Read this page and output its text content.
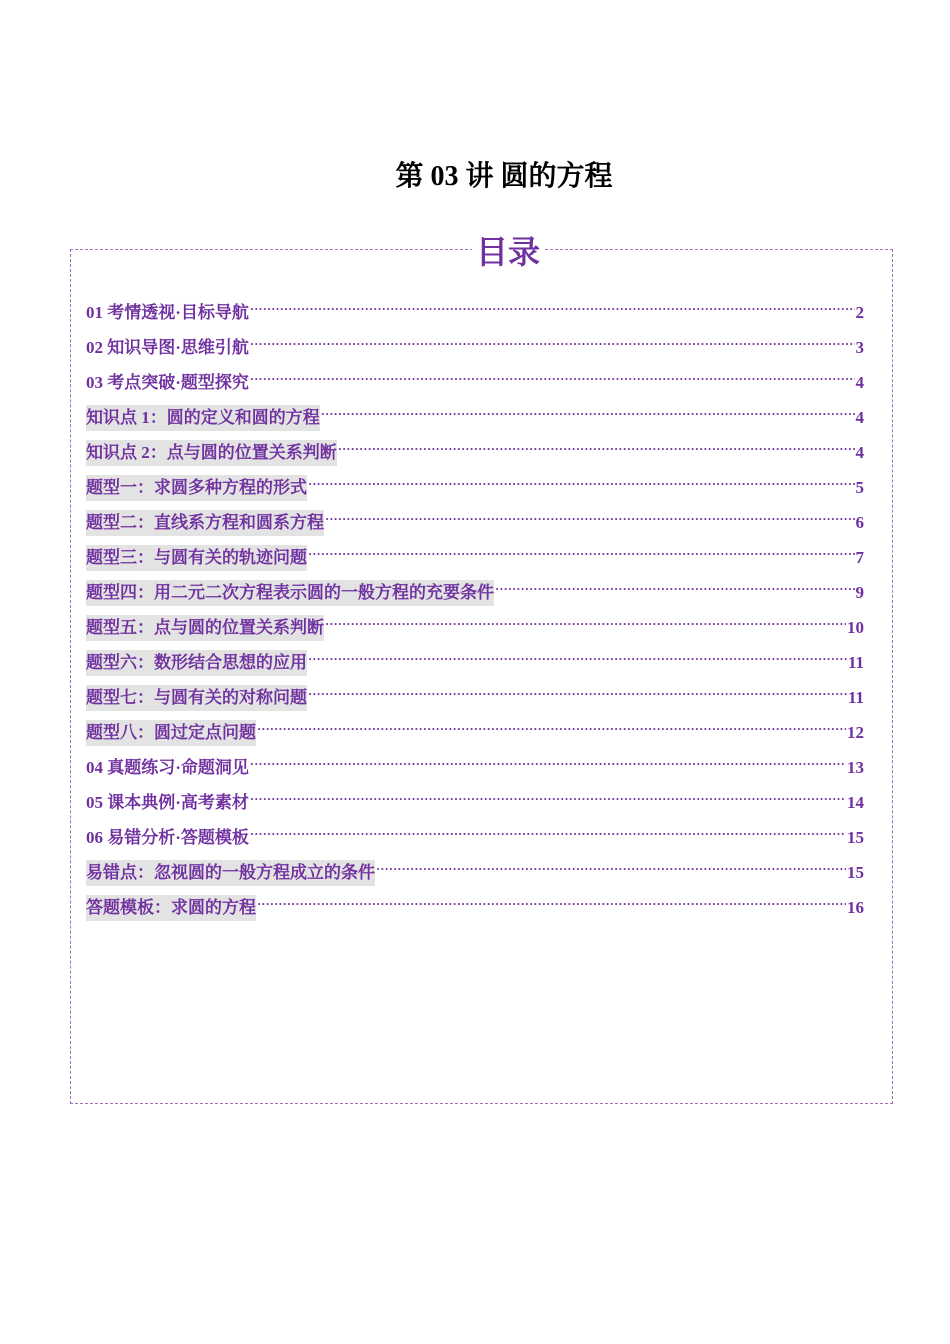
第 03 讲 圆的方程
目录
01 考情透视·目标导航 .....	2
02 知识导图·思维引航 .....	3
03 考点突破·题型探究 .....	4
知识点 1：圆的定义和圆的方程 .....	4
知识点 2：点与圆的位置关系判断 .....	4
题型一：求圆多种方程的形式 .....	5
题型二：直线系方程和圆系方程 .....	6
题型三：与圆有关的轨迹问题 .....	7
题型四：用二元二次方程表示圆的一般方程的充要条件 .....	9
题型五：点与圆的位置关系判断 .....	10
题型六：数形结合思想的应用 .....	11
题型七：与圆有关的对称问题 .....	11
题型八：圆过定点问题 .....	12
04 真题练习·命题洞见 .....	13
05 课本典例·高考素材 .....	14
06 易错分析·答题模板 .....	15
易错点：忽视圆的一般方程成立的条件 .....	15
答题模板：求圆的方程 .....	16
